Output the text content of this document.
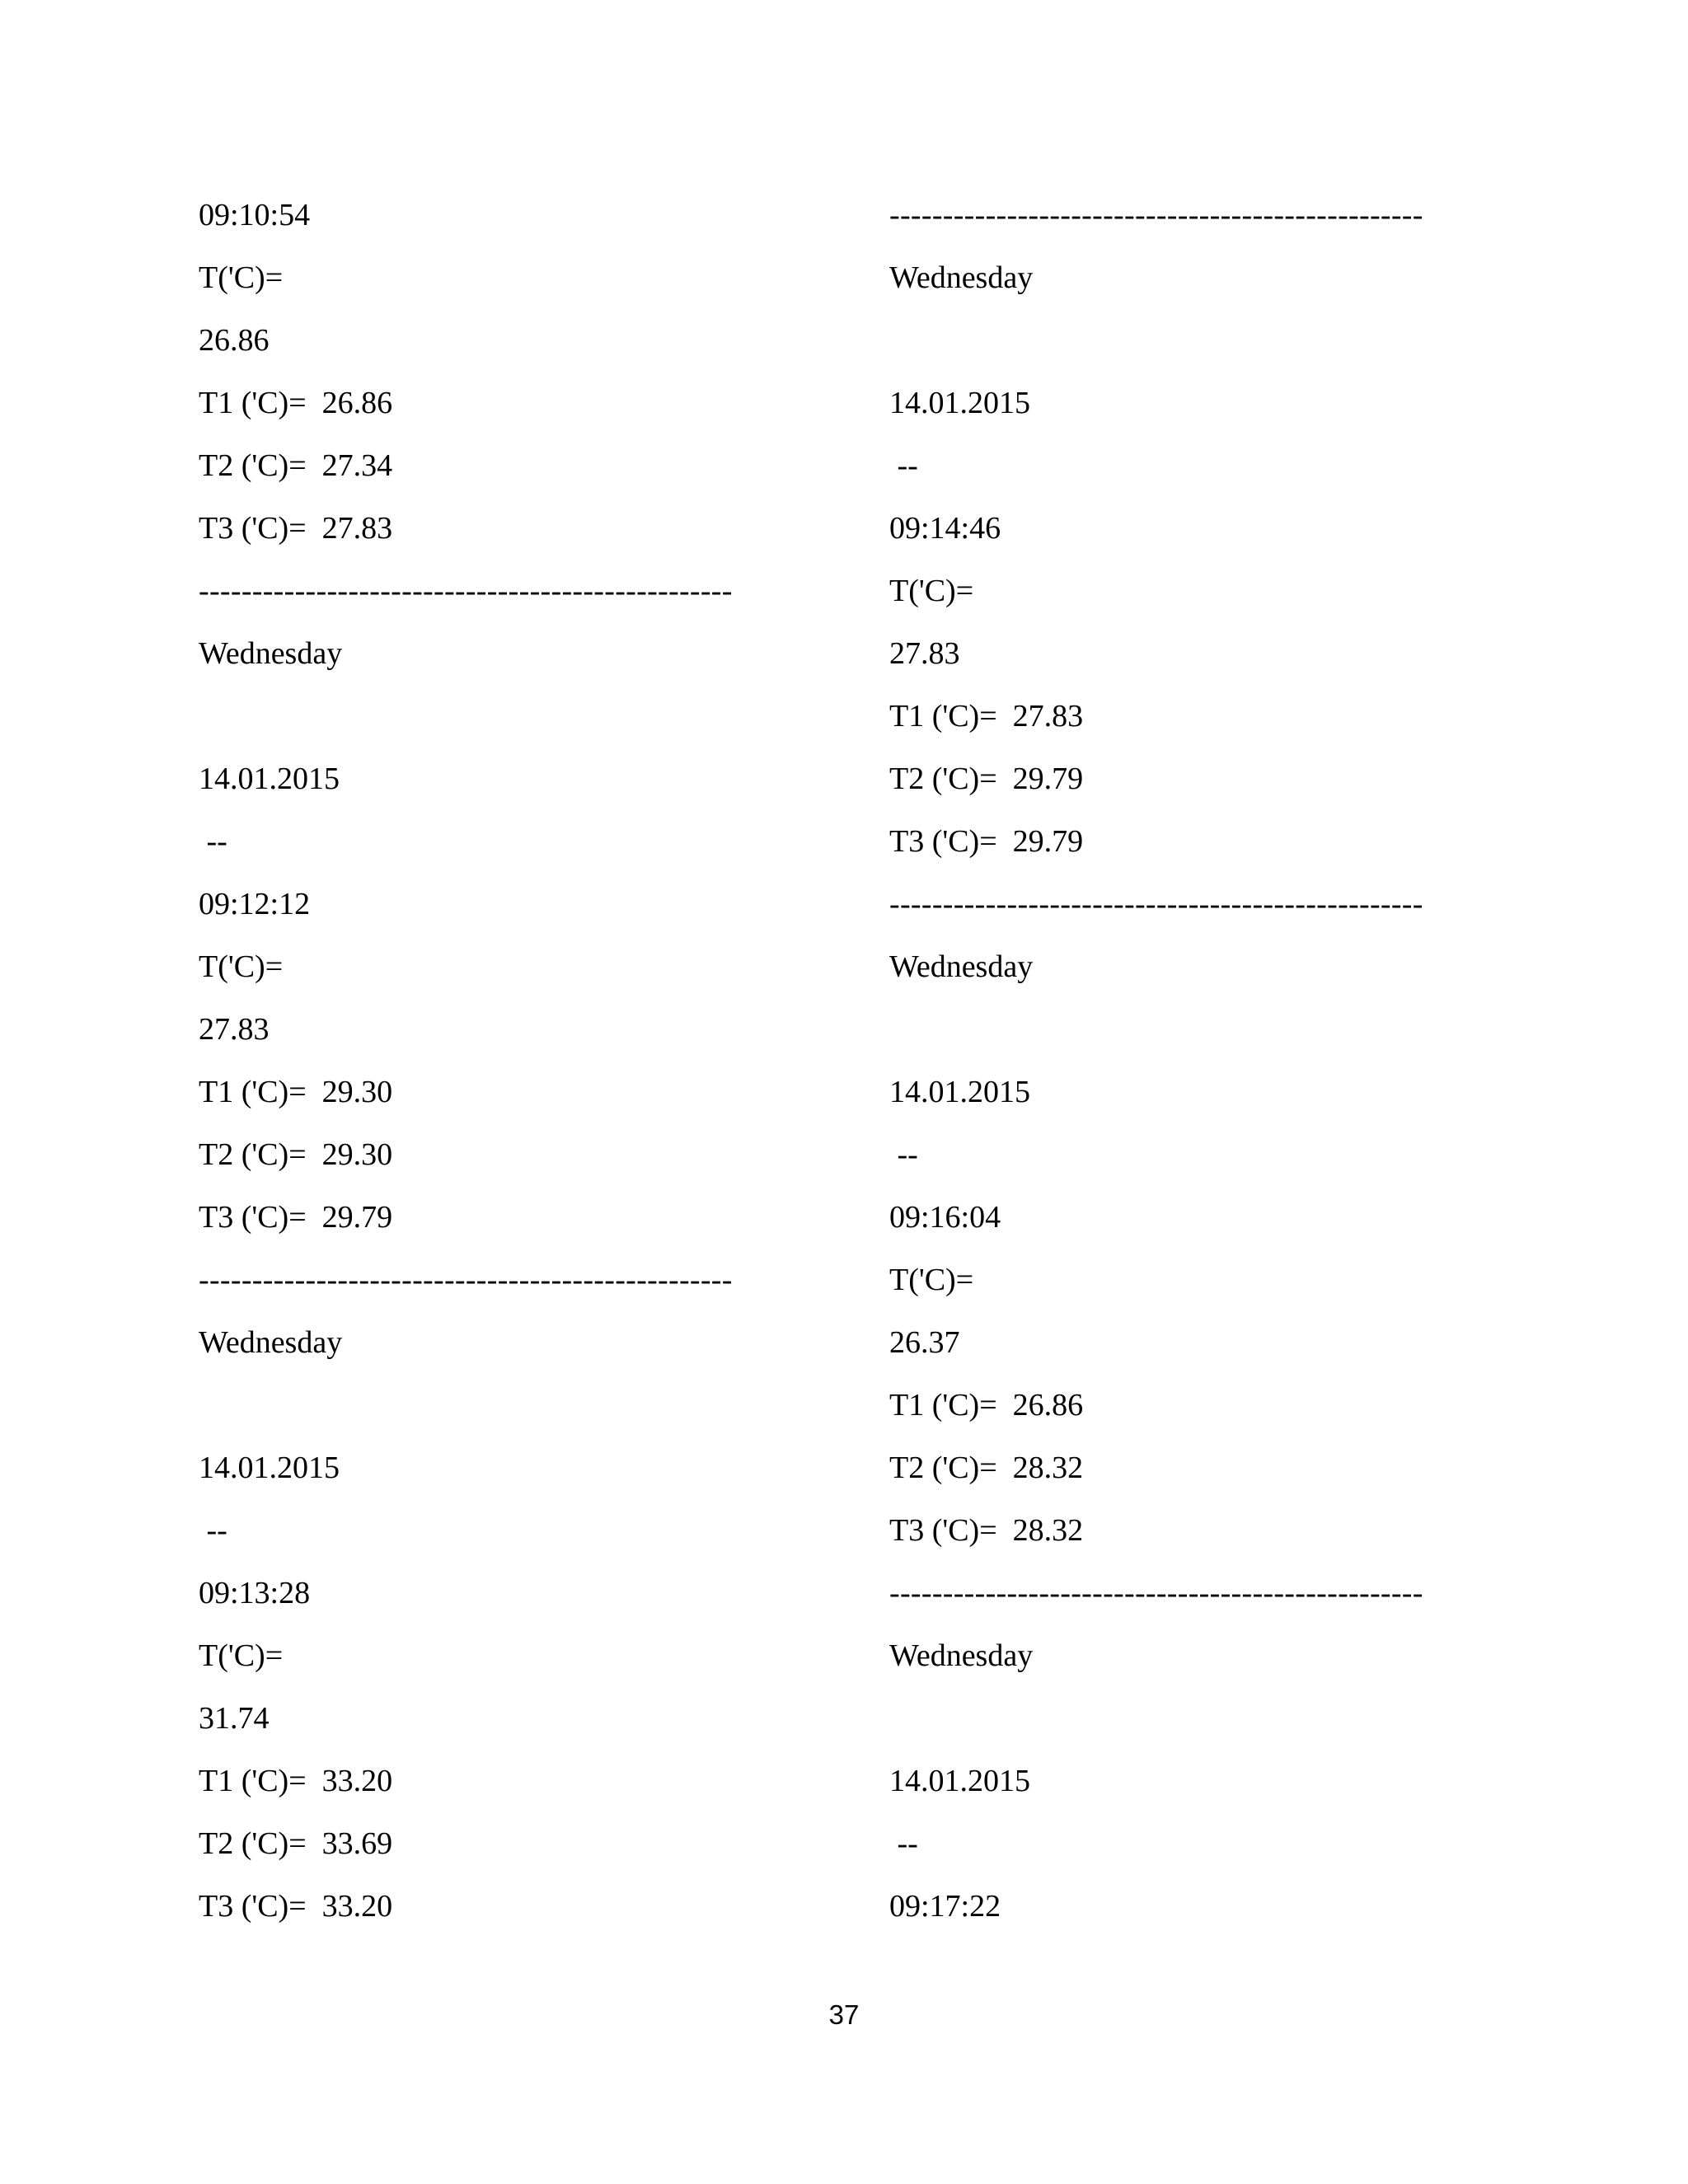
09:10:54
T('C)=
26.86
T1 ('C)=  26.86
T2 ('C)=  27.34
T3 ('C)=  27.83
--------------------------------------------------
Wednesday
14.01.2015
--
09:12:12
T('C)=
27.83
T1 ('C)=  29.30
T2 ('C)=  29.30
T3 ('C)=  29.79
--------------------------------------------------
Wednesday
14.01.2015
--
09:13:28
T('C)=
31.74
T1 ('C)=  33.20
T2 ('C)=  33.69
T3 ('C)=  33.20
--------------------------------------------------
Wednesday
14.01.2015
--
09:14:46
T('C)=
27.83
T1 ('C)=  27.83
T2 ('C)=  29.79
T3 ('C)=  29.79
--------------------------------------------------
Wednesday
14.01.2015
--
09:16:04
T('C)=
26.37
T1 ('C)=  26.86
T2 ('C)=  28.32
T3 ('C)=  28.32
--------------------------------------------------
Wednesday
14.01.2015
--
09:17:22
37
